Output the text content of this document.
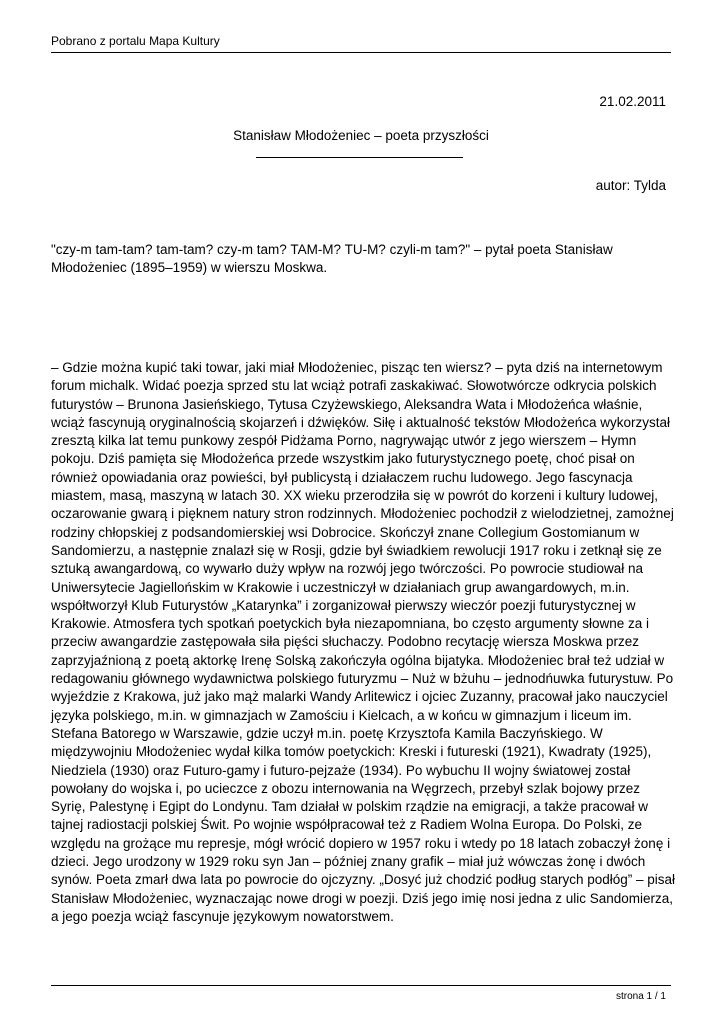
Pobrano z portalu Mapa Kultury
21.02.2011
Stanisław Młodożeniec – poeta przyszłości
autor: Tylda

"czy-m tam-tam? tam-tam? czy-m tam? TAM-M? TU-M? czyli-m tam?" – pytał poeta Stanisław Młodożeniec (1895–1959) w wierszu Moskwa.

– Gdzie można kupić taki towar, jaki miał Młodożeniec, pisząc ten wiersz? – pyta dziś na internetowym forum michalk. Widać poezja sprzed stu lat wciąż potrafi zaskakiwać. Słowotwórcze odkrycia polskich futurystów – Brunona Jasieńskiego, Tytusa Czyżewskiego, Aleksandra Wata i Młodożeńca właśnie, wciąż fascynują oryginalnością skojarzeń i dźwięków. Siłę i aktualność tekstów Młodożeńca wykorzystał zresztą kilka lat temu punkowy zespół Pidżama Porno, nagrywając utwór z jego wierszem – Hymn pokoju. Dziś pamięta się Młodożeńca przede wszystkim jako futurystycznego poetę, choć pisał on również opowiadania oraz powieści, był publicystą i działaczem ruchu ludowego. Jego fascynacja miastem, masą, maszyną w latach 30. XX wieku przerodziła się w powrót do korzeni i kultury ludowej, oczarowanie gwarą i pięknem natury stron rodzinnych. Młodożeniec pochodził z wielodzietnej, zamożnej rodziny chłopskiej z podsandomierskiej wsi Dobrocice. Skończył znane Collegium Gostomianum w Sandomierzu, a następnie znalazł się w Rosji, gdzie był świadkiem rewolucji 1917 roku i zetknął się ze sztuką awangardową, co wywarło duży wpływ na rozwój jego twórczości. Po powrocie studiował na Uniwersytecie Jagiellońskim w Krakowie i uczestniczył w działaniach grup awangardowych, m.in. współtworzył Klub Futurystów „Katarynka” i zorganizował pierwszy wieczór poezji futurystycznej w Krakowie. Atmosfera tych spotkań poetyckich była niezapomniana, bo często argumenty słowne za i przeciw awangardzie zastępowała siła pięści słuchaczy. Podobno recytację wiersza Moskwa przez zaprzyjaźnioną z poetą aktorkę Irenę Solską zakończyła ogólna bijatyka. Młodożeniec brał też udział w redagowaniu głównego wydawnictwa polskiego futuryzmu – Nuż w bżuhu – jednodńuwka futurystuw. Po wyjeździe z Krakowa, już jako mąż malarki Wandy Arlitewicz i ojciec Zuzanny, pracował jako nauczyciel języka polskiego, m.in. w gimnazjach w Zamościu i Kielcach, a w końcu w gimnazjum i liceum im. Stefana Batorego w Warszawie, gdzie uczył m.in. poetę Krzysztofa Kamila Baczyńskiego. W międzywojniu Młodożeniec wydał kilka tomów poetyckich: Kreski i futureski (1921), Kwadraty (1925), Niedziela (1930) oraz Futuro-gamy i futuro-pejzaże (1934). Po wybuchu II wojny światowej został powołany do wojska i, po ucieczce z obozu internowania na Węgrzech, przebył szlak bojowy przez Syrię, Palestynę i Egipt do Londynu. Tam działał w polskim rządzie na emigracji, a także pracował w tajnej radiostacji polskiej Świt. Po wojnie współpracował też z Radiem Wolna Europa. Do Polski, ze względu na grożące mu represje, mógł wrócić dopiero w 1957 roku i wtedy po 18 latach zobaczył żonę i dzieci. Jego urodzony w 1929 roku syn Jan – później znany grafik – miał już wówczas żonę i dwóch synów. Poeta zmarł dwa lata po powrocie do ojczyzny. „Dosyć już chodzić podług starych podłóg” – pisał Stanisław Młodożeniec, wyznaczając nowe drogi w poezji. Dziś jego imię nosi jedna z ulic Sandomierza, a jego poezja wciąż fascynuje językowym nowatorstwem.

strona 1 / 1
